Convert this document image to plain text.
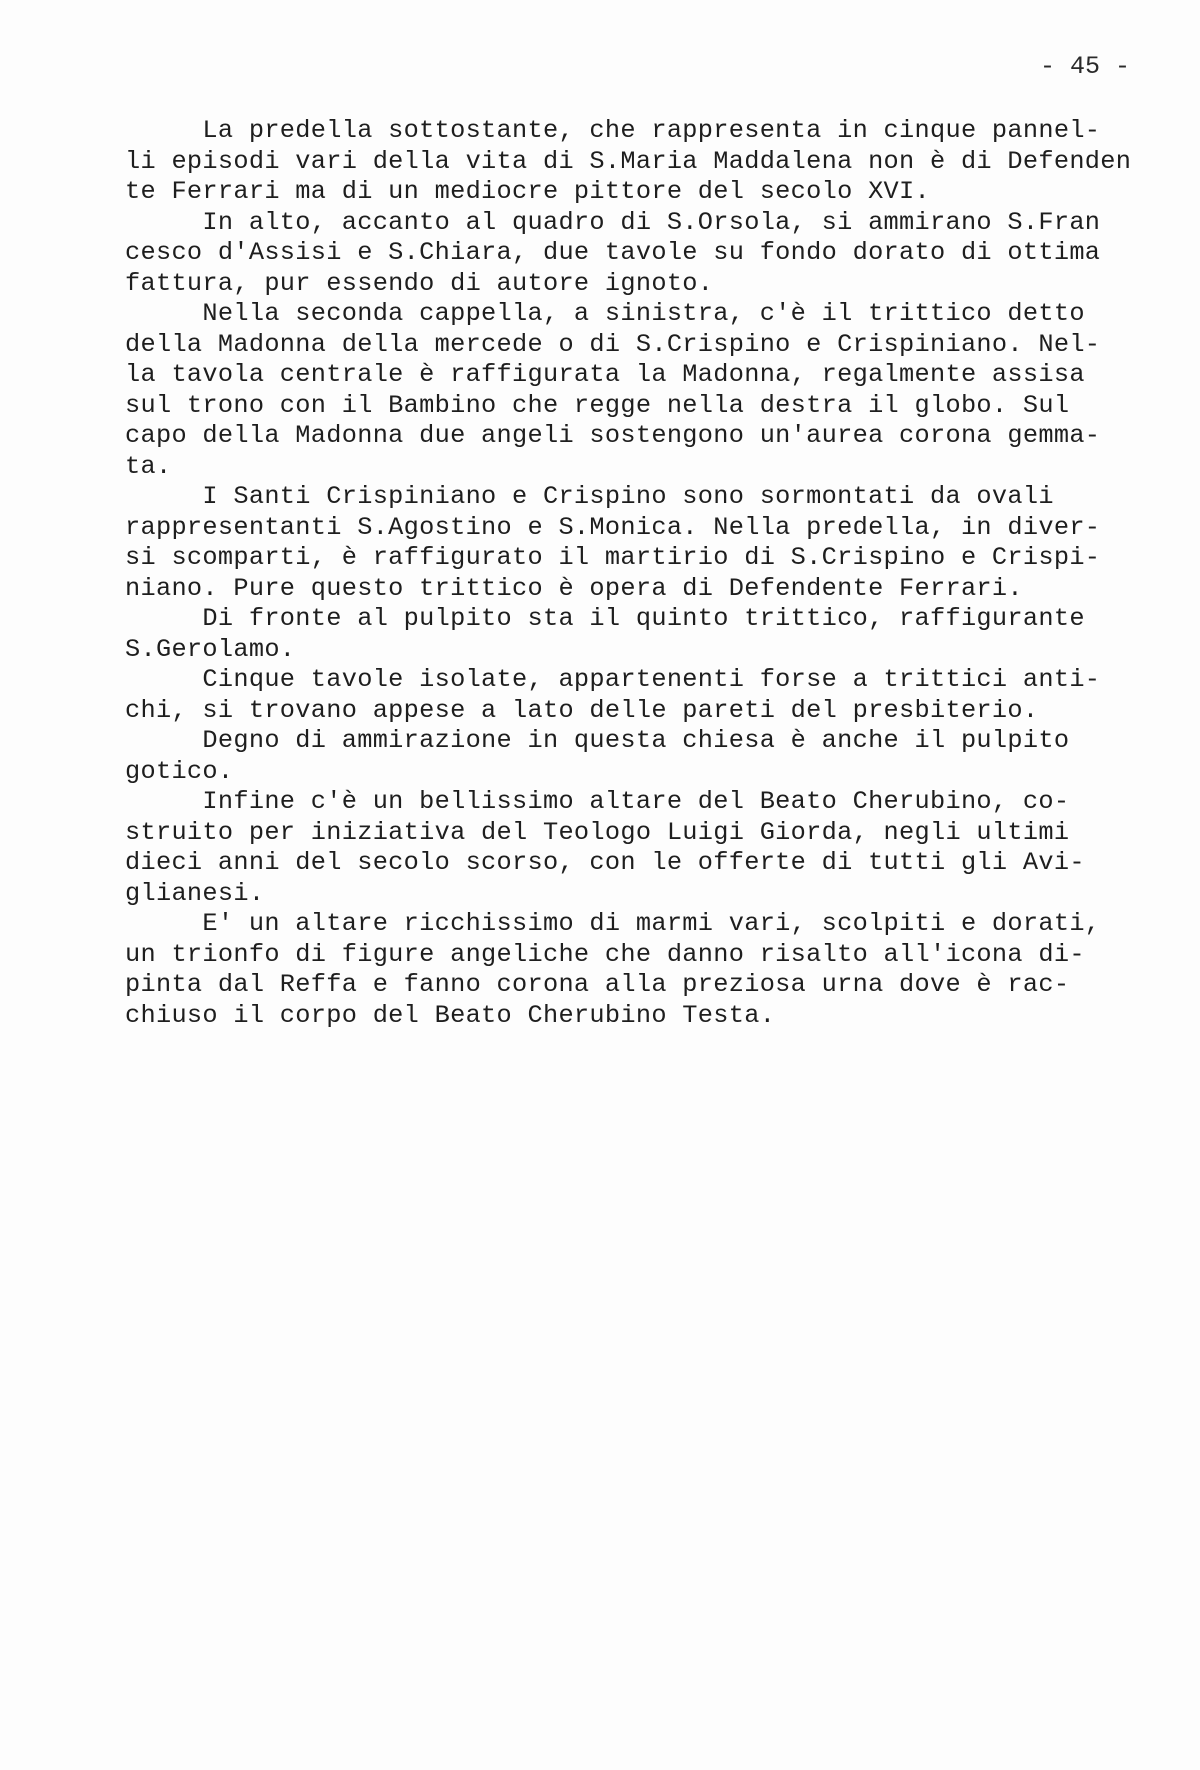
- 45 -
La predella sottostante, che rappresenta in cinque pannel-
li episodi vari della vita di S.Maria Maddalena non è di Defenden
te Ferrari ma di un mediocre pittore del secolo XVI.
In alto, accanto al quadro di S.Orsola, si ammirano S.Fran
cesco d'Assisi e S.Chiara, due tavole su fondo dorato di ottima
fattura, pur essendo di autore ignoto.
Nella seconda cappella, a sinistra, c'è il trittico detto
della Madonna della mercede o di S.Crispino e Crispiniano. Nel-
la tavola centrale è raffigurata la Madonna, regalmente assisa
sul trono con il Bambino che regge nella destra il globo. Sul
capo della Madonna due angeli sostengono un'aurea corona gemma-
ta.
I Santi Crispiniano e Crispino sono sormontati da ovali
rappresentanti S.Agostino e S.Monica. Nella predella, in diver-
si scomparti, è raffigurato il martirio di S.Crispino e Crispi-
niano. Pure questo trittico è opera di Defendente Ferrari.
Di fronte al pulpito sta il quinto trittico, raffigurante
S.Gerolamo.
Cinque tavole isolate, appartenenti forse a trittici anti-
chi, si trovano appese a lato delle pareti del presbiterio.
Degno di ammirazione in questa chiesa è anche il pulpito
gotico.
Infine c'è un bellissimo altare del Beato Cherubino, co-
struito per iniziativa del Teologo Luigi Giorda, negli ultimi
dieci anni del secolo scorso, con le offerte di tutti gli Avi-
glianesi.
E' un altare ricchissimo di marmi vari, scolpiti e dorati,
un trionfo di figure angeliche che danno risalto all'icona di-
pinta dal Reffa e fanno corona alla preziosa urna dove è rac-
chiuso il corpo del Beato Cherubino Testa.
